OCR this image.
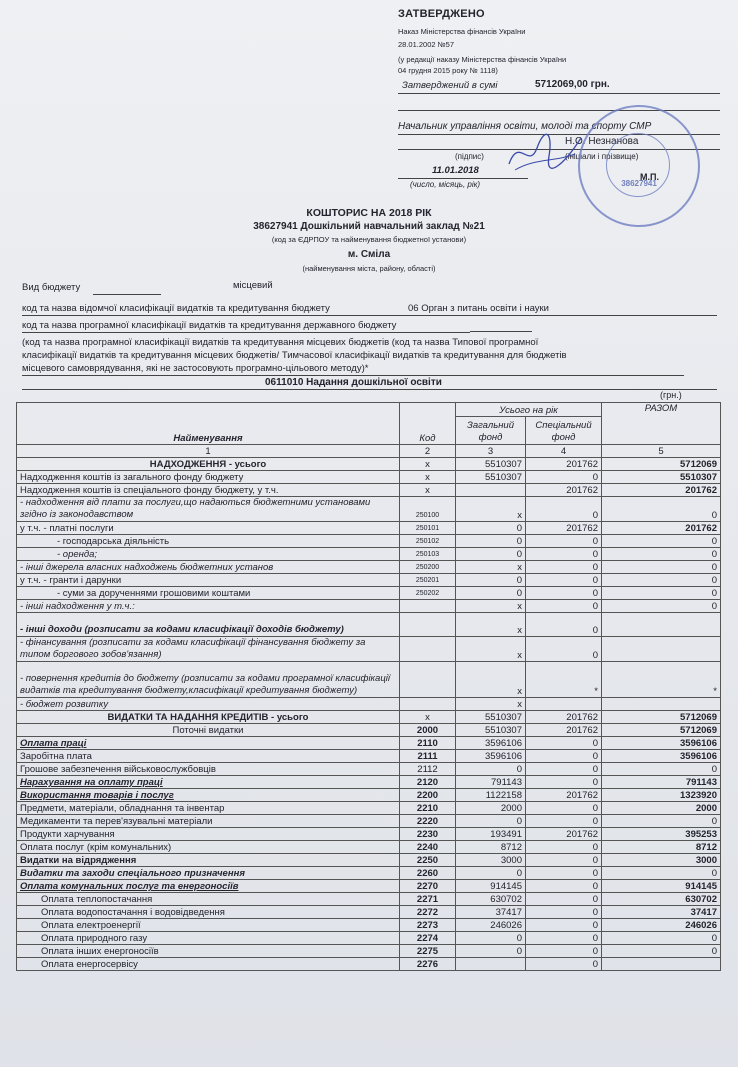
ЗАТВЕРДЖЕНО
Наказ Міністерства фінансів України
28.01.2002 №57
(у редакції наказу Міністерства фінансів України
04 грудня 2015 року № 1118)
Затверджений в сумі	5712069,00 грн.
Начальник управління освіти, молоді та спорту СМР
Н.О. Незнанова
(підпис)	(ініціали і прізвище)
11.01.2018
(число, місяць, рік)
М.П.
38627941
КОШТОРИС НА 2018 РІК
38627941 Дошкільний навчальний заклад №21
(код за ЄДРПОУ та найменування бюджетної установи)
м. Сміла
(найменування міста, району, області)
Вид бюджету	місцевий
код та назва відомчої класифікації видатків та кредитування бюджету	06 Орган з питань освіти і науки
код та назва програмної класифікації видатків та кредитування державного бюджету
(код та назва програмної класифікації видатків та кредитування місцевих бюджетів (код та назва Типової програмної
класифікації видатків та кредитування місцевих бюджетів/ Тимчасової класифікації видатків та кредитування для бюджетів
місцевого самоврядування, які не застосовують програмно-цільового методу)*
0611010 Надання дошкільної освіти
(грн.)
Найменування	Код	Усього на рік		РАЗОМ
		Загальний фонд	Спеціальний фонд	
1	2	3	4	5
НАДХОДЖЕННЯ - усього	х	5510307	201762	5712069
Надходження коштів із загального фонду бюджету	х	5510307	0	5510307
Надходження коштів із спеціального фонду бюджету, у т.ч.	х		201762	201762
- надходження від плати за послуги,що надаються бюджетними установами згідно із законодавством	250100	х	0	0
у т.ч. - платні послуги	250101	0	201762	201762
- господарська діяльність	250102	0	0	0
- оренда;	250103	0	0	0
- інші джерела власних надходжень бюджетних установ	250200	х	0	0
у т.ч. - гранти і дарунки	250201	0	0	0
- суми за дорученнями грошовими коштами	250202	0	0	0
- інші надходження у т.ч.:		х	0	0
- інші доходи (розписати за кодами класифікації доходів бюджету)		х	0	
- фінансування (розписати за кодами класифікації фінансування бюджету за типом боргового зобов'язання)		х	0	
- повернення кредитів до бюджету (розписати за кодами програмної класифікації видатків та кредитування бюджету,класифікації кредитування бюджету)		х	*	*
- бюджет розвитку		х		
ВИДАТКИ ТА НАДАННЯ КРЕДИТІВ - усього	х	5510307	201762	5712069
Поточні видатки	2000	5510307	201762	5712069
Оплата праці	2110	3596106	0	3596106
Заробітна плата	2111	3596106	0	3596106
Грошове забезпечення військовослужбовців	2112	0	0	0
Нарахування на оплату праці	2120	791143	0	791143
Використання товарів і послуг	2200	1122158	201762	1323920
Предмети, матеріали, обладнання та інвентар	2210	2000	0	2000
Медикаменти та перев'язувальні матеріали	2220	0	0	0
Продукти харчування	2230	193491	201762	395253
Оплата послуг (крім комунальних)	2240	8712	0	8712
Видатки на відрядження	2250	3000	0	3000
Видатки та заходи спеціального призначення	2260	0	0	0
Оплата комунальних послуг та енергоносіїв	2270	914145	0	914145
Оплата теплопостачання	2271	630702	0	630702
Оплата водопостачання і водовідведення	2272	37417	0	37417
Оплата електроенергії	2273	246026	0	246026
Оплата природного газу	2274	0	0	0
Оплата інших енергоносіїв	2275	0	0	0
Оплата енергосервісу	2276		0	
